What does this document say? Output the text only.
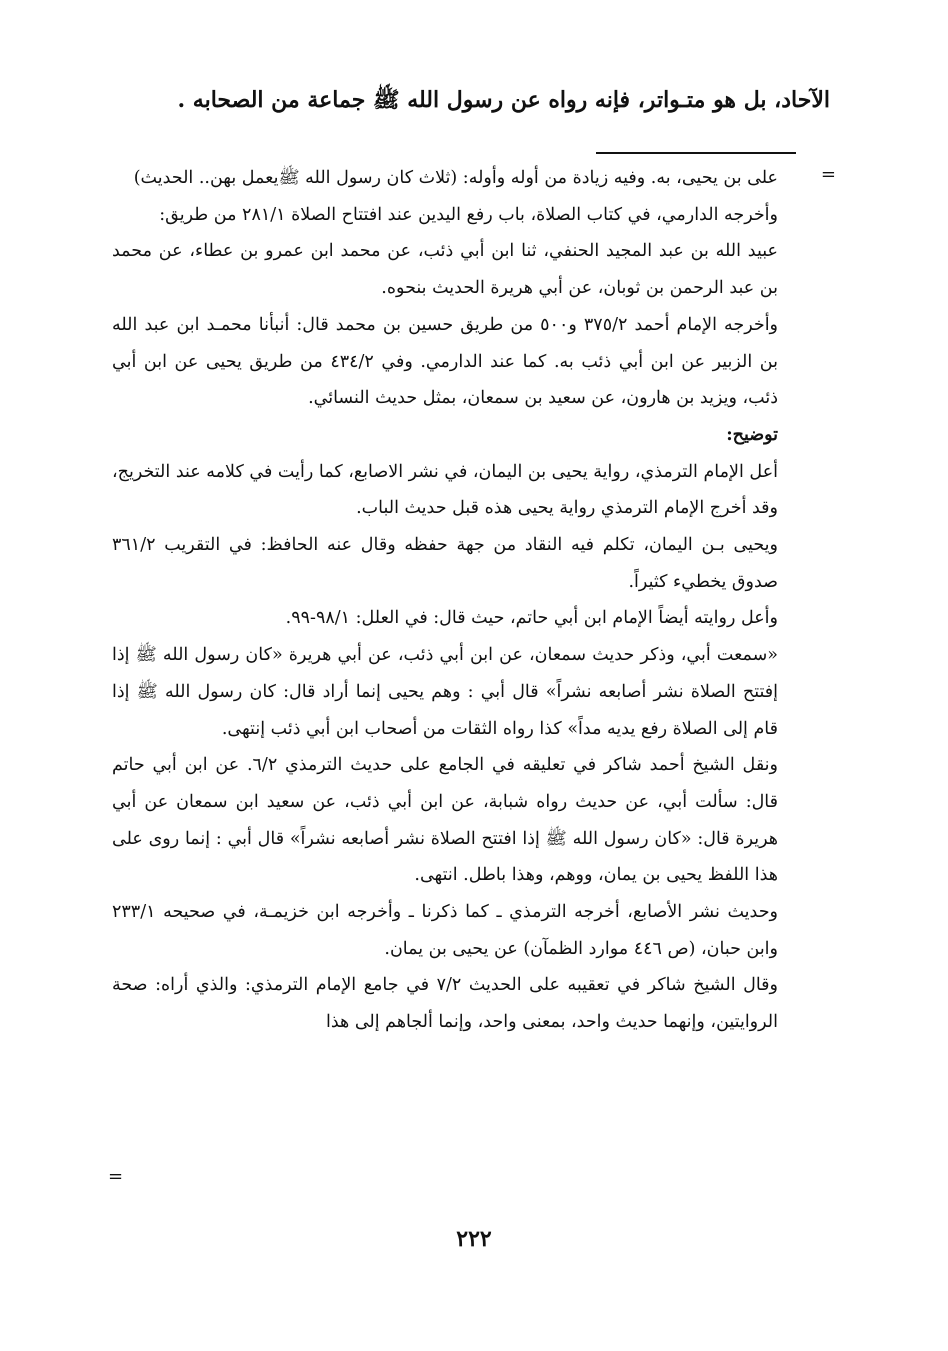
الآحاد، بل هو متـواتر، فإنه رواه عن رسول الله ﷺ جماعة من الصحابه .
=

على بن يحيى، به. وفيه زيادة من أوله وأوله: (ثلاث كان رسول الله ﷺيعمل بهن.. الحديث)

وأخرجه الدارمي، في كتاب الصلاة، باب رفع اليدين عند افتتاح الصلاة ٢٨١/١ من طريق:

عبيد الله بن عبد المجيد الحنفي، ثنا ابن أبي ذئب، عن محمد ابن عمرو بن عطاء، عن محمد بن عبد الرحمن بن ثوبان، عن أبي هريرة الحديث بنحوه.

وأخرجه الإمام أحمد ٣٧٥/٢ و٥٠٠ من طريق حسين بن محمد قال: أنبأنا محمـد ابن عبد الله بن الزبير عن ابن أبي ذئب به. كما عند الدارمي. وفي ٤٣٤/٢ من طريق يحيى عن ابن أبي ذئب، ويزيد بن هارون، عن سعيد بن سمعان، بمثل حديث النسائي.

توضيح:

أعل الإمام الترمذي، رواية يحيى بن اليمان، في نشر الاصابع، كما رأيت في كلامه عند التخريج، وقد أخرج الإمام الترمذي رواية يحيى هذه قبل حديث الباب.

ويحيى بـن اليمان، تكلم فيه النقاد من جهة حفظه وقال عنه الحافظ: في التقريب ٣٦١/٢ صدوق يخطيء كثيراً.

وأعل روايته أيضاً الإمام ابن أبي حاتم، حيث قال: في العلل: ٩٨/١-٩٩.

«سمعت أبي، وذكر حديث سمعان، عن ابن أبي ذئب، عن أبي هريرة «كان رسول الله ﷺ إذا إفتتح الصلاة نشر أصابعه نشراً» قال أبي : وهم يحيى إنما أراد قال: كان رسول الله ﷺ إذا قام إلى الصلاة رفع يديه مداً» كذا رواه الثقات من أصحاب ابن أبي ذئب إنتهى.

ونقل الشيخ أحمد شاكر في تعليقه في الجامع على حديث الترمذي ٦/٢. عن ابن أبي حاتم قال: سألت أبي، عن حديث رواه شبابة، عن ابن أبي ذئب، عن سعيد ابن سمعان عن أبي هريرة قال: «كان رسول الله ﷺ إذا افتتح الصلاة نشر أصابعه نشراً» قال أبي : إنما روى على هذا اللفظ يحيى بن يمان، ووهم، وهذا باطل. انتهى.

وحديث نشر الأصابع، أخرجه الترمذي ـ كما ذكرنا ـ وأخرجه ابن خزيمـة، في صحيحه ٢٣٣/١ وابن حبان، (ص ٤٤٦ موارد الظمآن) عن يحيى بن يمان.

وقال الشيخ شاكر في تعقيبه على الحديث ٧/٢ في جامع الإمام الترمذي: والذي أراه: صحة الروايتين، وإنهما حديث واحد، بمعنى واحد، وإنما ألجاهم إلى هذا

=
٢٢٢
